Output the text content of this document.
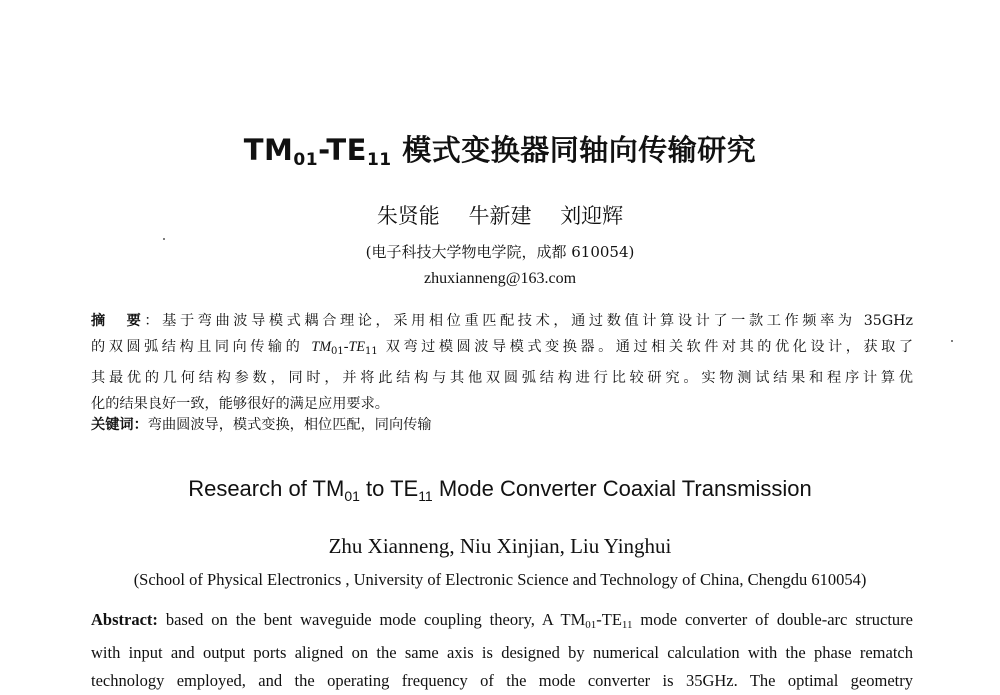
$TM_{01}-TE_{11}$ 模式变换器同轴向传输研究
朱贤能 牛新建 刘迎辉
(电子科技大学物电学院，成都 610054)
zhuxianneng@163.com
摘　要：基于弯曲波导模式耦合理论，采用相位重匹配技术，通过数值计算设计了一款工作频率为 35GHz
的双圆弧结构且同向传输的 $TM_{01}-TE_{11}$ 双弯过模圆波导模式变换器。通过相关软件对其的优化设计，获取了
其最优的几何结构参数，同时，并将此结构与其他双圆弧结构进行比较研究。实物测试结果和程序计算优
化的结果良好一致，能够很好的满足应用要求。
关键词：弯曲圆波导，模式变换，相位匹配，同向传输
Research of $TM_{01}$ to $TE_{11}$ Mode Converter Coaxial Transmission
Zhu Xianneng, Niu Xinjian, Liu Yinghui
(School of Physical Electronics , University of Electronic Science and Technology of China, Chengdu 610054)
Abstract: based on the bent waveguide mode coupling theory, A $TM_{01}-TE_{11}$ mode converter of double-arc structure
with input and output ports aligned on the same axis is designed by numerical calculation with the phase rematch
technology employed, and the operating frequency of the mode converter is 35GHz. The optimal geometry
